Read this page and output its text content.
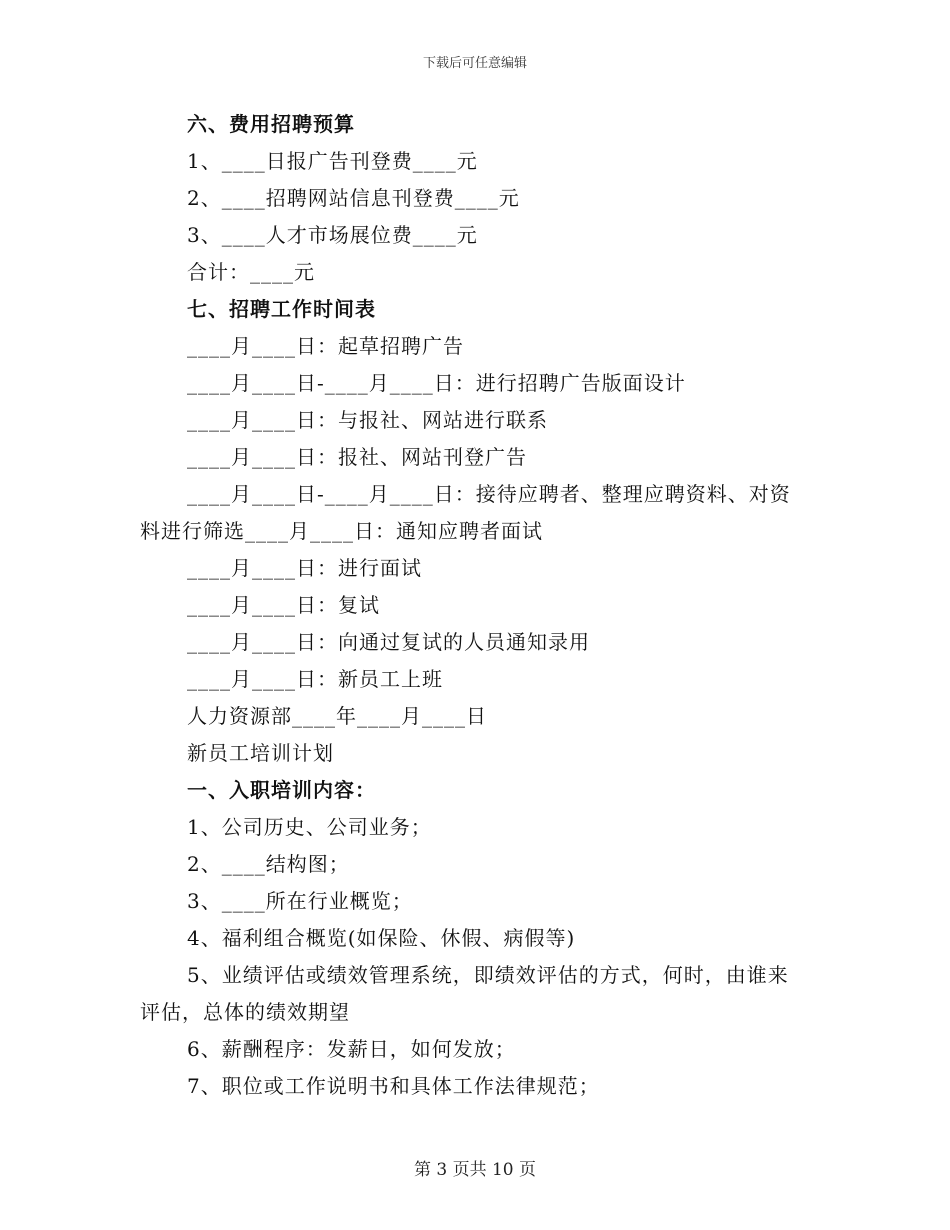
下载后可任意编辑
六、费用招聘预算
1、____日报广告刊登费____元
2、____招聘网站信息刊登费____元
3、____人才市场展位费____元
合计：____元
七、招聘工作时间表
____月____日：起草招聘广告
____月____日-____月____日：进行招聘广告版面设计
____月____日：与报社、网站进行联系
____月____日：报社、网站刊登广告
____月____日-____月____日：接待应聘者、整理应聘资料、对资
料进行筛选____月____日：通知应聘者面试
____月____日：进行面试
____月____日：复试
____月____日：向通过复试的人员通知录用
____月____日：新员工上班
人力资源部____年____月____日
新员工培训计划
一、入职培训内容：
1、公司历史、公司业务；
2、____结构图；
3、____所在行业概览；
4、福利组合概览(如保险、休假、病假等)
5、业绩评估或绩效管理系统，即绩效评估的方式，何时，由谁来
评估，总体的绩效期望
6、薪酬程序：发薪日，如何发放；
7、职位或工作说明书和具体工作法律规范；
第 3 页共 10 页
